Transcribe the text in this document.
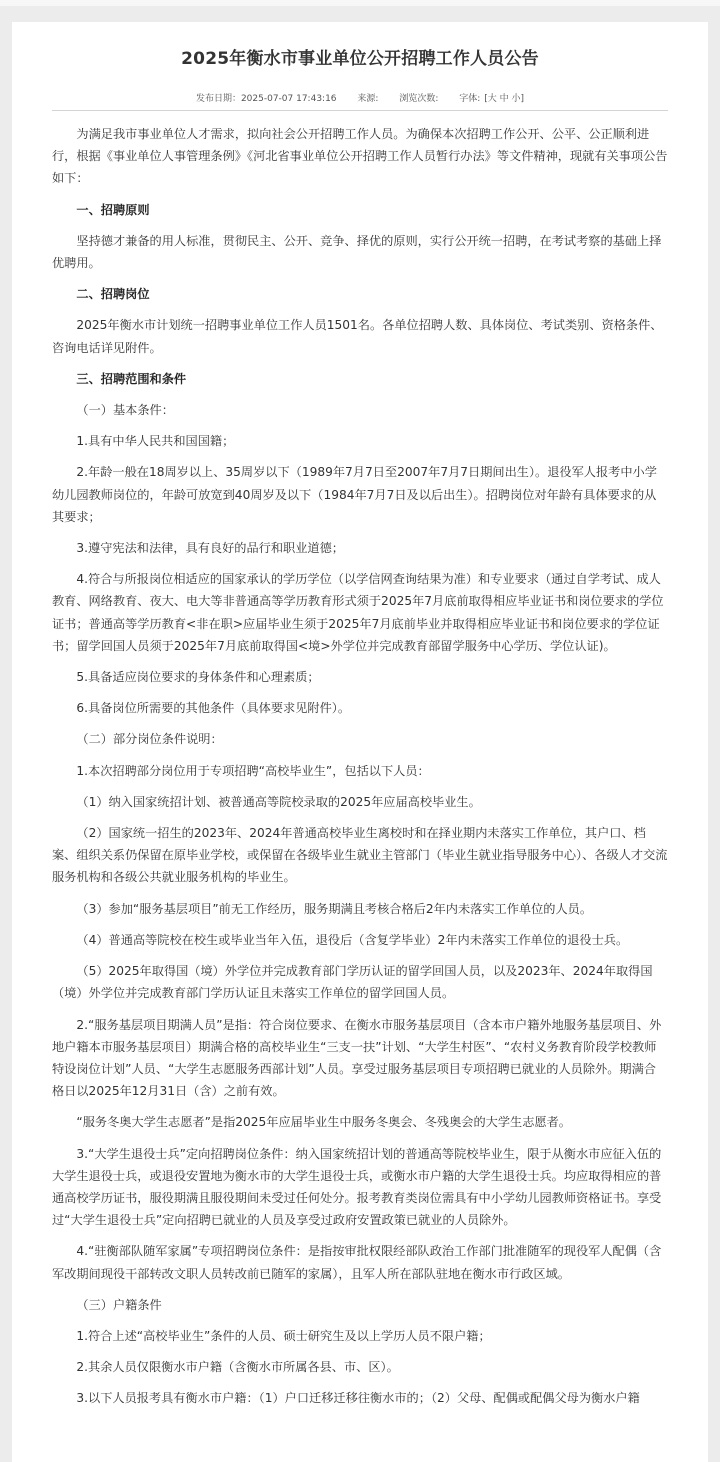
2025年衡水市事业单位公开招聘工作人员公告
发布日期：2025-07-07 17:43:16 来源: 浏览次数: 字体: [大 中 小]

为满足我市事业单位人才需求，拟向社会公开招聘工作人员。为确保本次招聘工作公开、公平、公正顺利进行，根据《事业单位人事管理条例》《河北省事业单位公开招聘工作人员暂行办法》等文件精神，现就有关事项公告如下：

一、招聘原则

坚持德才兼备的用人标准，贯彻民主、公开、竞争、择优的原则，实行公开统一招聘，在考试考察的基础上择优聘用。

二、招聘岗位

2025年衡水市计划统一招聘事业单位工作人员1501名。各单位招聘人数、具体岗位、考试类别、资格条件、咨询电话详见附件。

三、招聘范围和条件

（一）基本条件：

1.具有中华人民共和国国籍；

2.年龄一般在18周岁以上、35周岁以下（1989年7月7日至2007年7月7日期间出生）。退役军人报考中小学幼儿园教师岗位的，年龄可放宽到40周岁及以下（1984年7月7日及以后出生）。招聘岗位对年龄有具体要求的从其要求；

3.遵守宪法和法律，具有良好的品行和职业道德；

4.符合与所报岗位相适应的国家承认的学历学位（以学信网查询结果为准）和专业要求（通过自学考试、成人教育、网络教育、夜大、电大等非普通高等学历教育形式须于2025年7月底前取得相应毕业证书和岗位要求的学位证书；普通高等学历教育<非在职>应届毕业生须于2025年7月底前毕业并取得相应毕业证书和岗位要求的学位证书；留学回国人员须于2025年7月底前取得国<境>外学位并完成教育部留学服务中心学历、学位认证)。

5.具备适应岗位要求的身体条件和心理素质；

6.具备岗位所需要的其他条件（具体要求见附件）。

（二）部分岗位条件说明：

1.本次招聘部分岗位用于专项招聘“高校毕业生”，包括以下人员：

（1）纳入国家统招计划、被普通高等院校录取的2025年应届高校毕业生。

（2）国家统一招生的2023年、2024年普通高校毕业生离校时和在择业期内未落实工作单位，其户口、档案、组织关系仍保留在原毕业学校，或保留在各级毕业生就业主管部门（毕业生就业指导服务中心）、各级人才交流服务机构和各级公共就业服务机构的毕业生。

（3）参加“服务基层项目”前无工作经历，服务期满且考核合格后2年内未落实工作单位的人员。

（4）普通高等院校在校生或毕业当年入伍，退役后（含复学毕业）2年内未落实工作单位的退役士兵。

（5）2025年取得国（境）外学位并完成教育部门学历认证的留学回国人员，以及2023年、2024年取得国（境）外学位并完成教育部门学历认证且未落实工作单位的留学回国人员。

2.“服务基层项目期满人员”是指：符合岗位要求、在衡水市服务基层项目（含本市户籍外地服务基层项目、外地户籍本市服务基层项目）期满合格的高校毕业生“三支一扶”计划、“大学生村医”、“农村义务教育阶段学校教师特设岗位计划”人员、“大学生志愿服务西部计划”人员。享受过服务基层项目专项招聘已就业的人员除外。期满合格日以2025年12月31日（含）之前有效。

“服务冬奥大学生志愿者”是指2025年应届毕业生中服务冬奥会、冬残奥会的大学生志愿者。

3.“大学生退役士兵”定向招聘岗位条件：纳入国家统招计划的普通高等院校毕业生，限于从衡水市应征入伍的大学生退役士兵，或退役安置地为衡水市的大学生退役士兵，或衡水市户籍的大学生退役士兵。均应取得相应的普通高校学历证书，服役期满且服役期间未受过任何处分。报考教育类岗位需具有中小学幼儿园教师资格证书。享受过“大学生退役士兵”定向招聘已就业的人员及享受过政府安置政策已就业的人员除外。

4.“驻衡部队随军家属”专项招聘岗位条件：是指按审批权限经部队政治工作部门批准随军的现役军人配偶（含军改期间现役干部转改文职人员转改前已随军的家属），且军人所在部队驻地在衡水市行政区域。

（三）户籍条件

1.符合上述“高校毕业生”条件的人员、硕士研究生及以上学历人员不限户籍；

2.其余人员仅限衡水市户籍（含衡水市所属各县、市、区）。

3.以下人员报考具有衡水市户籍：（1）户口迁移迁移往衡水市的；（2）父母、配偶或配偶父母为衡水户籍
